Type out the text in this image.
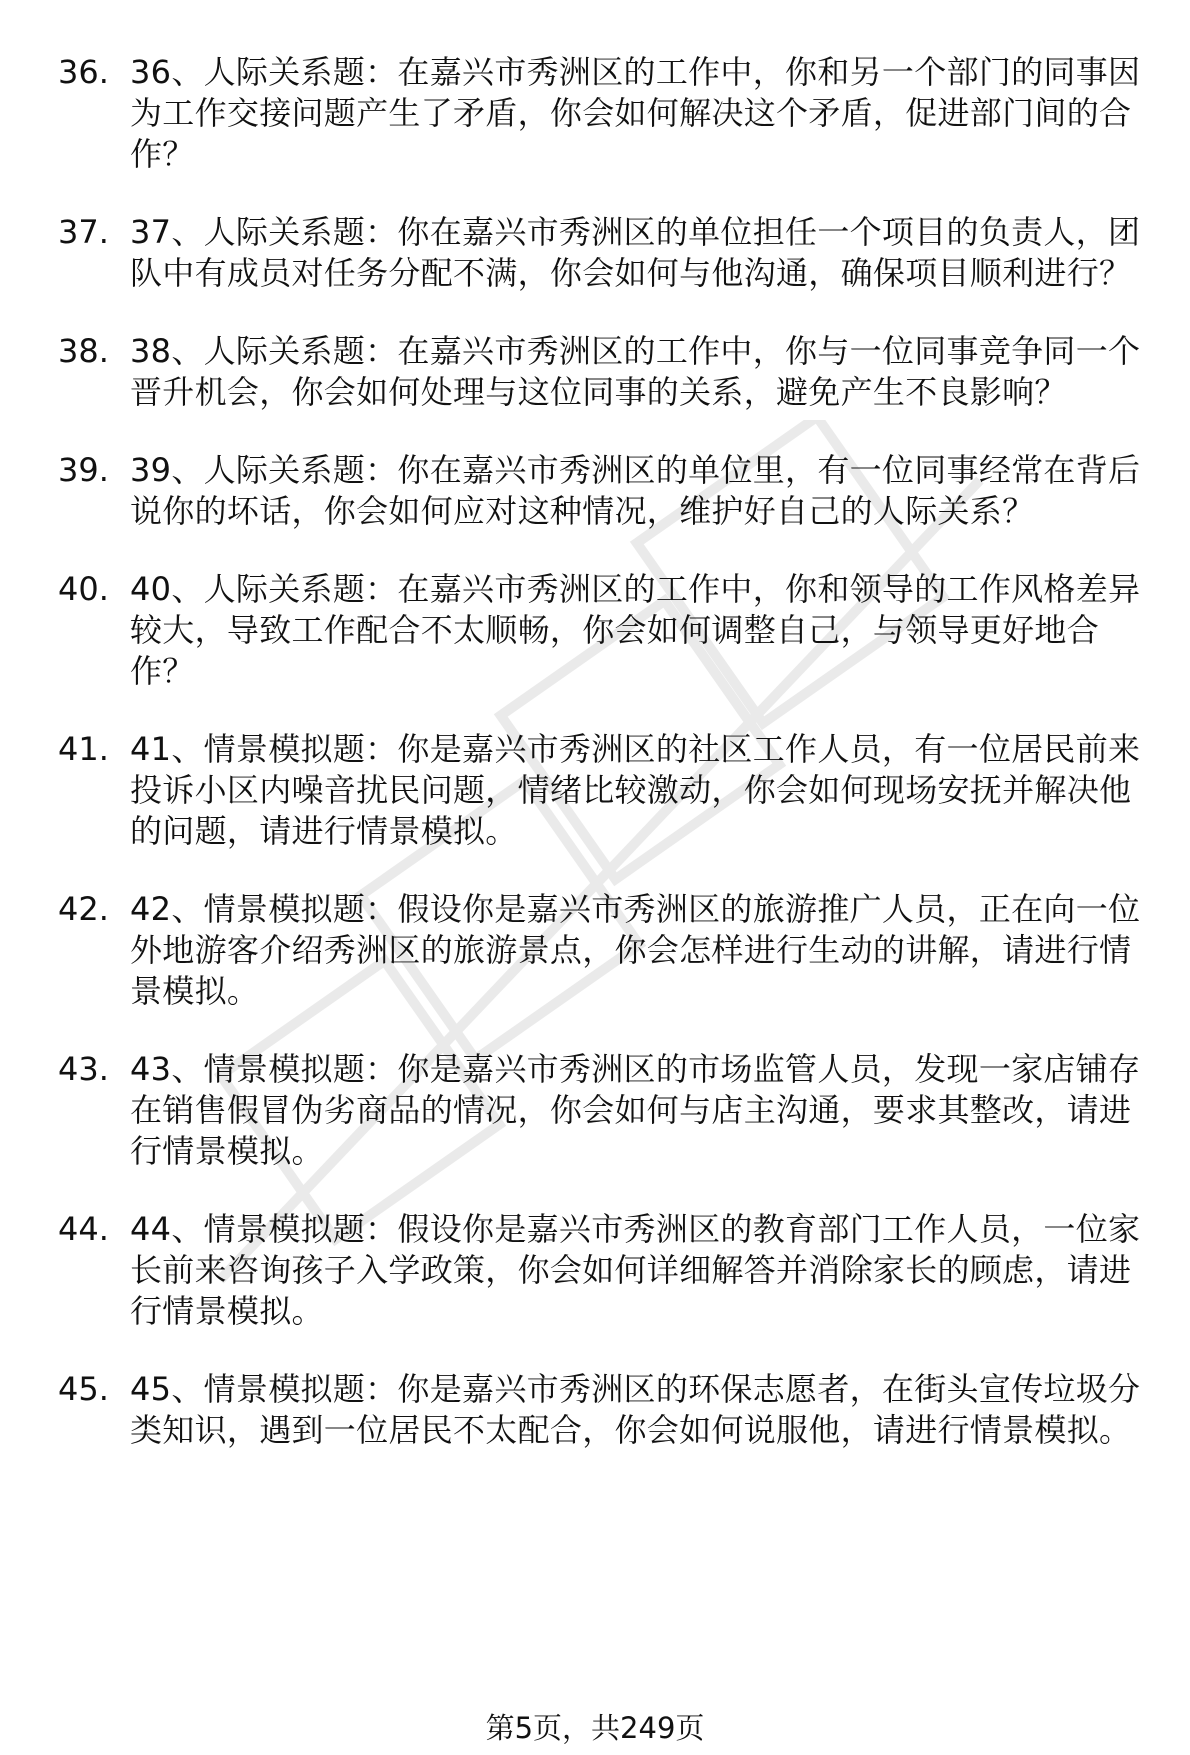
36. 36、人际关系题：在嘉兴市秀洲区的工作中，你和另一个部门的同事因为工作交接问题产生了矛盾，你会如何解决这个矛盾，促进部门间的合作？
37. 37、人际关系题：你在嘉兴市秀洲区的单位担任一个项目的负责人，团队中有成员对任务分配不满，你会如何与他沟通，确保项目顺利进行？
38. 38、人际关系题：在嘉兴市秀洲区的工作中，你与一位同事竞争同一个晋升机会，你会如何处理与这位同事的关系，避免产生不良影响？
39. 39、人际关系题：你在嘉兴市秀洲区的单位里，有一位同事经常在背后说你的坏话，你会如何应对这种情况，维护好自己的人际关系？
40. 40、人际关系题：在嘉兴市秀洲区的工作中，你和领导的工作风格差异较大，导致工作配合不太顺畅，你会如何调整自己，与领导更好地合作？
41. 41、情景模拟题：你是嘉兴市秀洲区的社区工作人员，有一位居民前来投诉小区内噪音扰民问题，情绪比较激动，你会如何现场安抚并解决他的问题，请进行情景模拟。
42. 42、情景模拟题：假设你是嘉兴市秀洲区的旅游推广人员，正在向一位外地游客介绍秀洲区的旅游景点，你会怎样进行生动的讲解，请进行情景模拟。
43. 43、情景模拟题：你是嘉兴市秀洲区的市场监管人员，发现一家店铺存在销售假冒伪劣商品的情况，你会如何与店主沟通，要求其整改，请进行情景模拟。
44. 44、情景模拟题：假设你是嘉兴市秀洲区的教育部门工作人员，一位家长前来咨询孩子入学政策，你会如何详细解答并消除家长的顾虑，请进行情景模拟。
45. 45、情景模拟题：你是嘉兴市秀洲区的环保志愿者，在街头宣传垃圾分类知识，遇到一位居民不太配合，你会如何说服他，请进行情景模拟。
第5页，共249页
